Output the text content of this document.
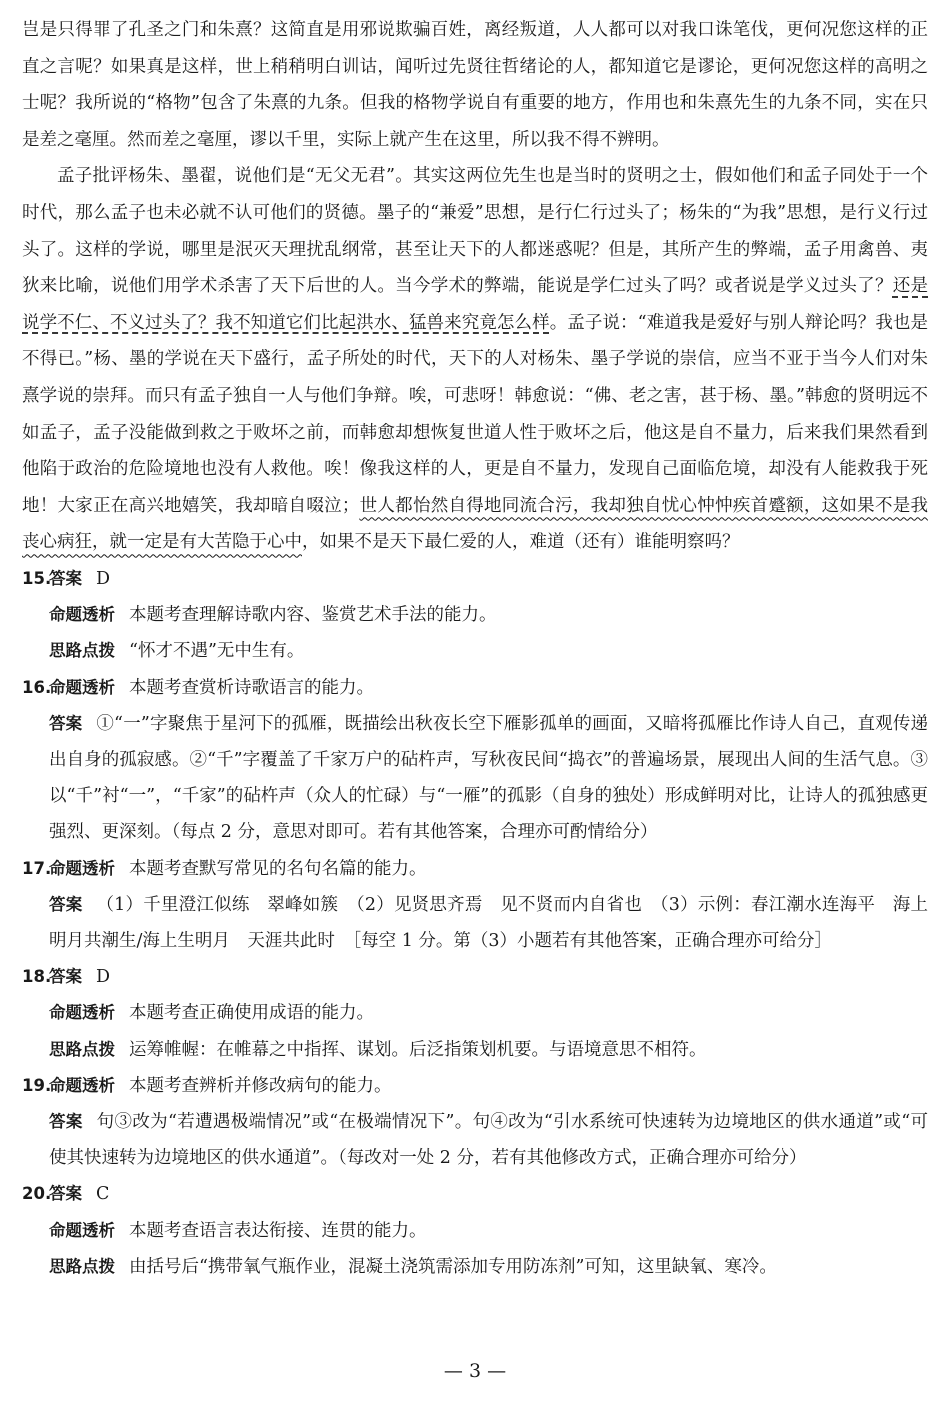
岂是只得罪了孔圣之门和朱熹？这简直是用邪说欺骗百姓，离经叛道，人人都可以对我口诛笔伐，更何况您这样的正直之言呢？如果真是这样，世上稍稍明白训诂，闻听过先贤往哲绪论的人，都知道它是谬论，更何况您这样的高明之士呢？我所说的“格物”包含了朱熹的九条。但我的格物学说自有重要的地方，作用也和朱熹先生的九条不同，实在只是差之毫厘。然而差之毫厘，谬以千里，实际上就产生在这里，所以我不得不辨明。

孟子批评杨朱、墨翟，说他们是“无父无君”。其实这两位先生也是当时的贤明之士，假如他们和孟子同处于一个时代，那么孟子也未必就不认可他们的贤德。墨子的“兼爱”思想，是行仁行过头了；杨朱的“为我”思想，是行义行过头了。这样的学说，哪里是泯灭天理扰乱纲常，甚至让天下的人都迷惑呢？但是，其所产生的弊端，孟子用禽兽、夷狄来比喻，说他们用学术杀害了天下后世的人。当今学术的弊端，能说是学仁过头了吗？或者说是学义过头了？还是说学不仁、不义过头了？我不知道它们比起洪水、猛兽来究竟怎么样。孟子说：“难道我是爱好与别人辩论吗？我也是不得已。”杨、墨的学说在天下盛行，孟子所处的时代，天下的人对杨朱、墨子学说的崇信，应当不亚于当今人们对朱熹学说的崇拜。而只有孟子独自一人与他们争辩。唉，可悲呀！韩愈说：“佛、老之害，甚于杨、墨。”韩愈的贤明远不如孟子，孟子没能做到救之于败坏之前，而韩愈却想恢复世道人性于败坏之后，他这是自不量力，后来我们果然看到他陷于政治的危险境地也没有人救他。唉！像我这样的人，更是自不量力，发现自己面临危境，却没有人能救我于死地！大家正在高兴地嬉笑，我却暗自啜泣；世人都怡然自得地同流合污，我却独自忧心忡忡疾首蹙额，这如果不是我丧心病狂，就一定是有大苦隐于心中，如果不是天下最仁爱的人，难道（还有）谁能明察吗？

15.答案 D

命题透析 本题考查理解诗歌内容、鉴赏艺术手法的能力。

思路点拨 “怀才不遇”无中生有。

16.命题透析 本题考查赏析诗歌语言的能力。

答案 ①“一”字聚焦于星河下的孤雁，既描绘出秋夜长空下雁影孤单的画面，又暗将孤雁比作诗人自己，直观传递出自身的孤寂感。②“千”字覆盖了千家万户的砧杵声，写秋夜民间“捣衣”的普遍场景，展现出人间的生活气息。③以“千”衬“一”，“千家”的砧杵声（众人的忙碌）与“一雁”的孤影（自身的独处）形成鲜明对比，让诗人的孤独感更强烈、更深刻。（每点 2 分，意思对即可。若有其他答案，合理亦可酌情给分）

17.命题透析 本题考查默写常见的名句名篇的能力。

答案 （1）千里澄江似练　翠峰如簇　（2）见贤思齐焉　见不贤而内自省也　（3）示例：春江潮水连海平　海上明月共潮生/海上生明月　天涯共此时　［每空 1 分。第（3）小题若有其他答案，正确合理亦可给分］

18.答案 D

命题透析 本题考查正确使用成语的能力。

思路点拨 运筹帷幄：在帷幕之中指挥、谋划。后泛指策划机要。与语境意思不相符。

19.命题透析 本题考查辨析并修改病句的能力。

答案 句③改为“若遭遇极端情况”或“在极端情况下”。句④改为“引水系统可快速转为边境地区的供水通道”或“可使其快速转为边境地区的供水通道”。（每改对一处 2 分，若有其他修改方式，正确合理亦可给分）

20.答案 C

命题透析 本题考查语言表达衔接、连贯的能力。

思路点拨 由括号后“携带氧气瓶作业，混凝土浇筑需添加专用防冻剂”可知，这里缺氧、寒冷。

— 3 —
